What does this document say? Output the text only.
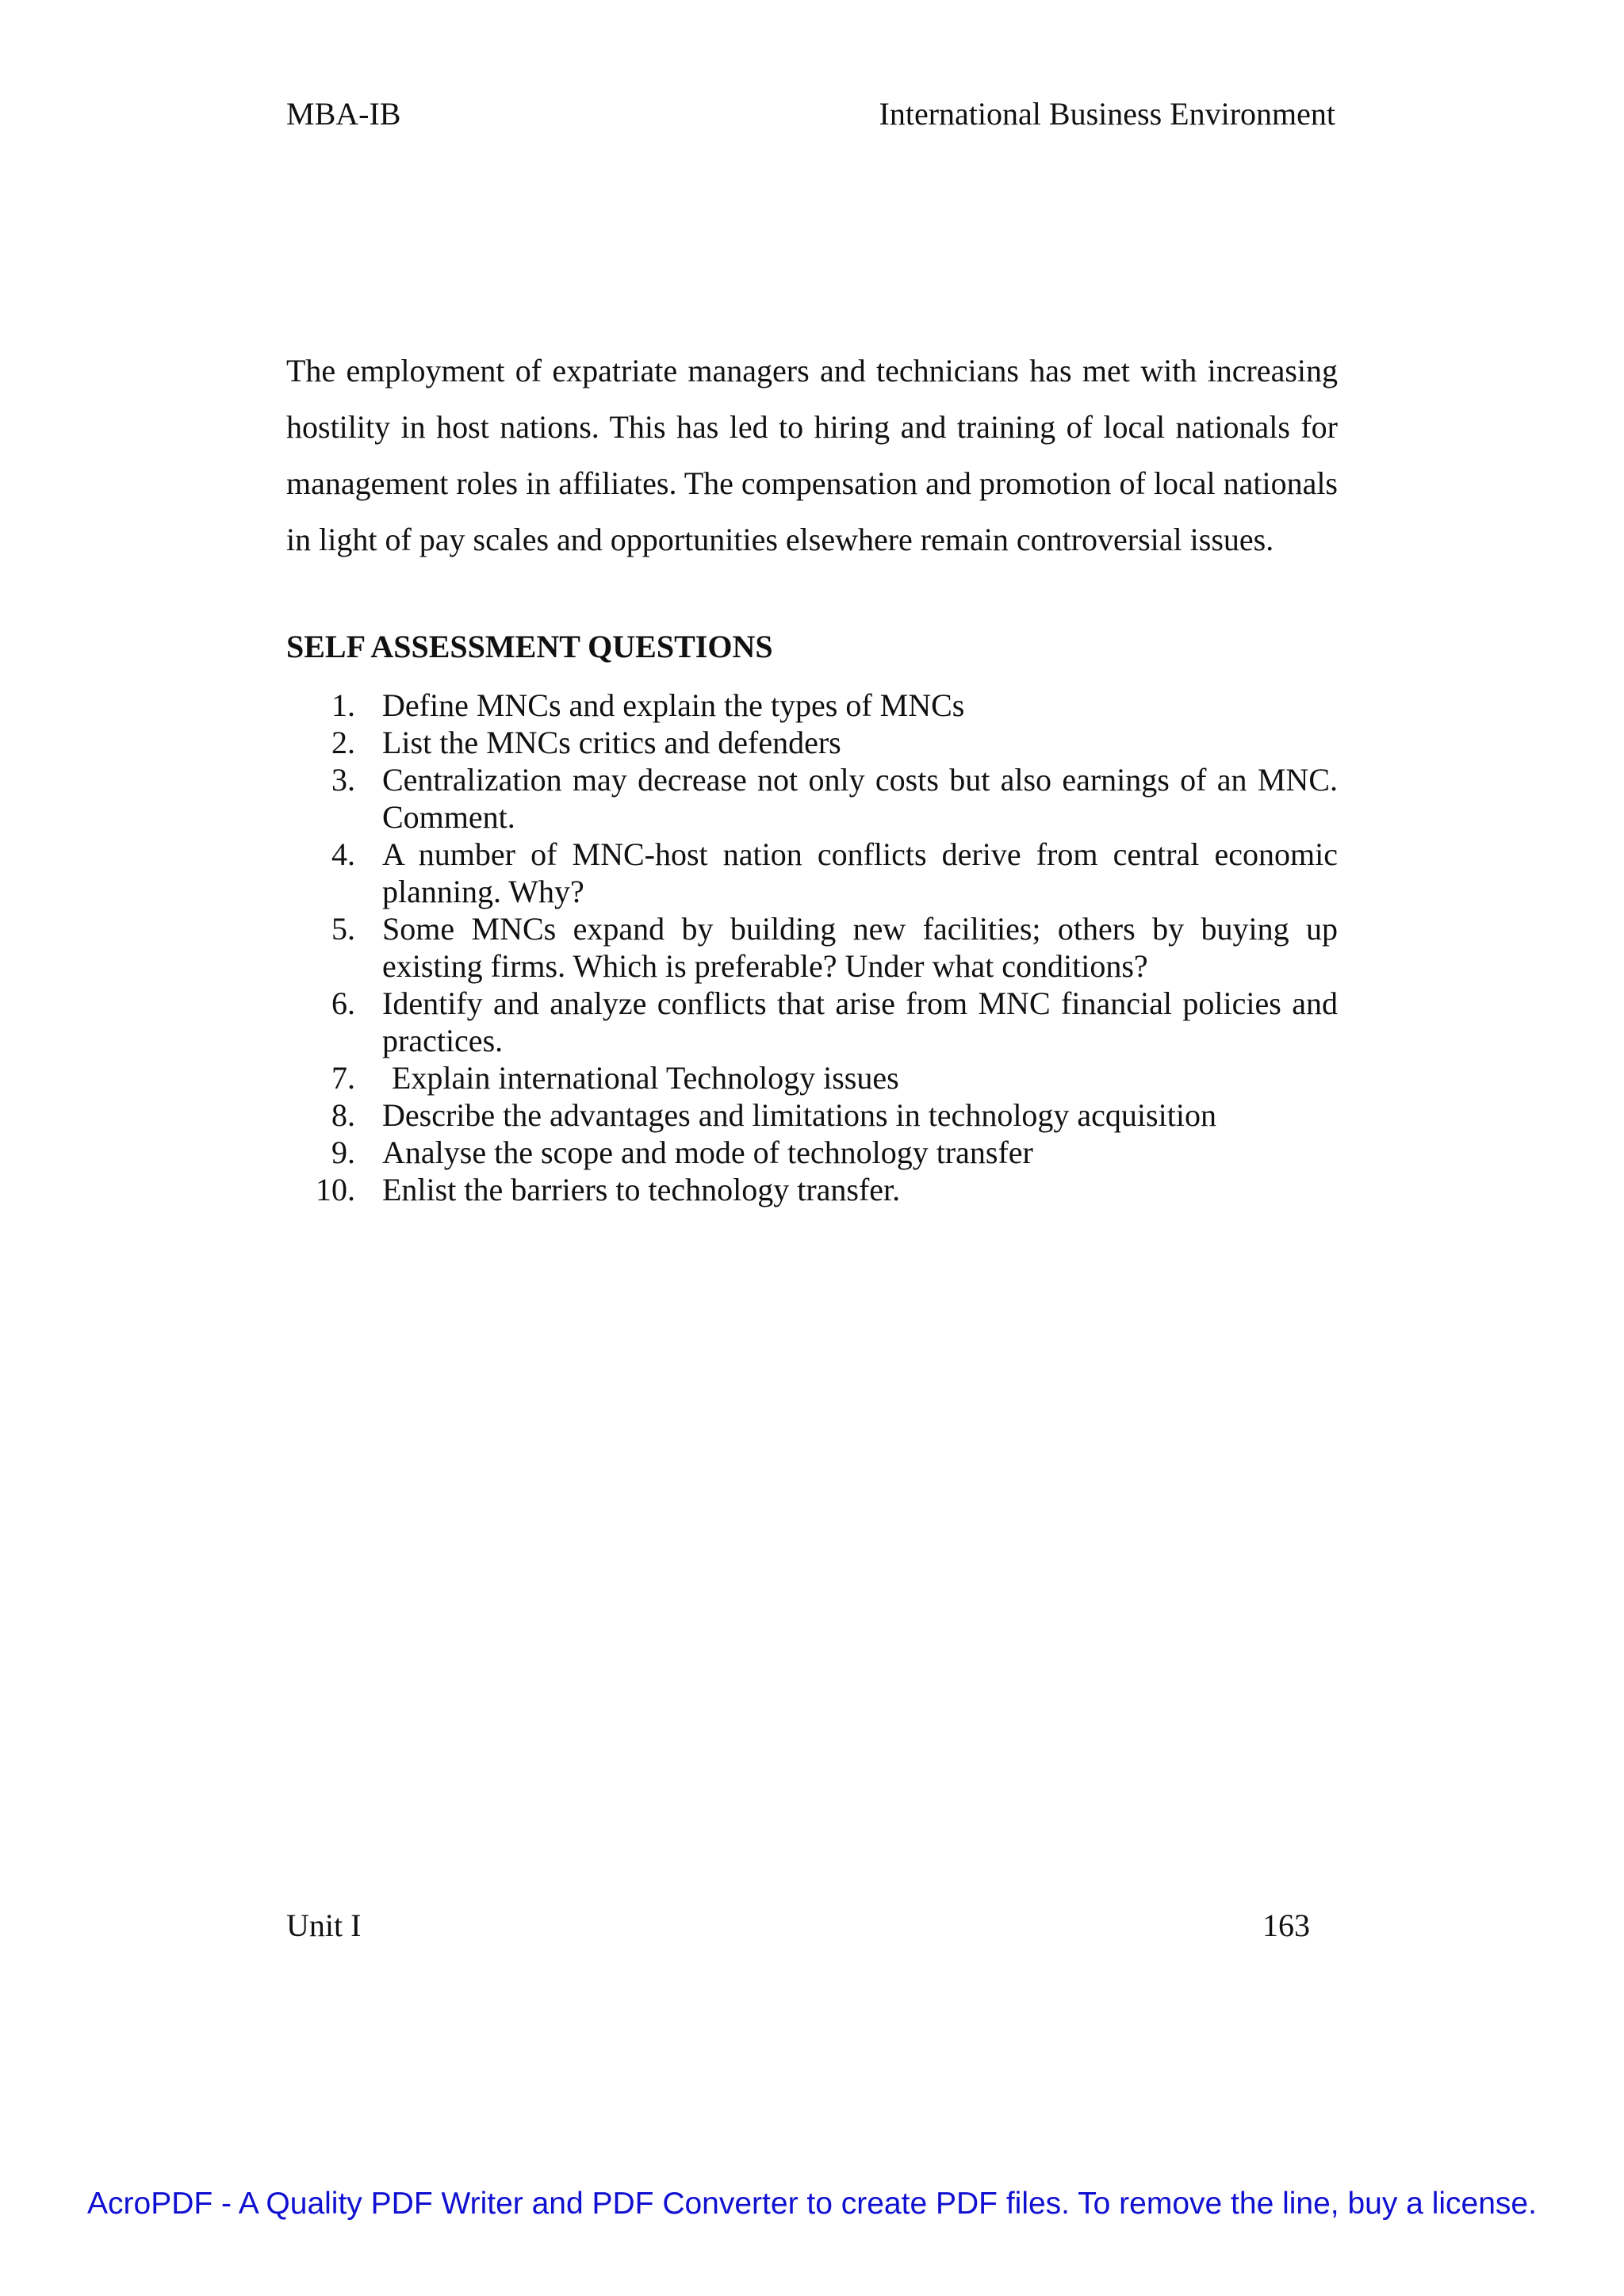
MBA-IB	International Business Environment

The employment of expatriate managers and technicians has met with increasing hostility in host nations. This has led to hiring and training of local nationals for management roles in affiliates. The compensation and promotion of local nationals in light of pay scales and opportunities elsewhere remain controversial issues.

SELF ASSESSMENT QUESTIONS
1. Define MNCs and explain the types of MNCs
2. List the MNCs critics and defenders
3. Centralization may decrease not only costs but also earnings of an MNC. Comment.
4. A number of MNC-host nation conflicts derive from central economic planning. Why?
5. Some MNCs expand by building new facilities; others by buying up existing firms. Which is preferable? Under what conditions?
6. Identify and analyze conflicts that arise from MNC financial policies and practices.
7.	Explain international Technology issues
8. Describe the advantages and limitations in technology acquisition
9. Analyse the scope and mode of technology transfer
10. Enlist the barriers to technology transfer.
Unit I	163
AcroPDF - A Quality PDF Writer and PDF Converter to create PDF files. To remove the line, buy a license.
